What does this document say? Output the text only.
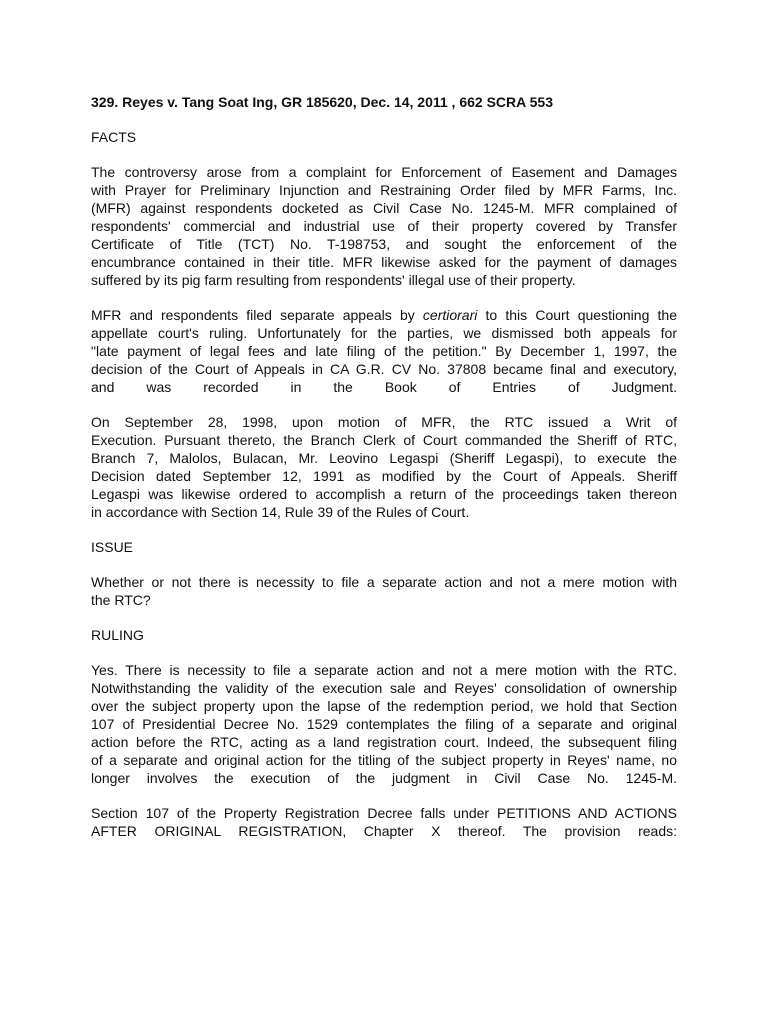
329. Reyes v. Tang Soat Ing, GR 185620, Dec. 14, 2011 , 662 SCRA 553

FACTS

The controversy arose from a complaint for Enforcement of Easement and Damages
with Prayer for Preliminary Injunction and Restraining Order filed by MFR Farms, Inc.
(MFR) against respondents docketed as Civil Case No. 1245-M. MFR complained of
respondents' commercial and industrial use of their property covered by Transfer
Certificate of Title (TCT) No. T-198753, and sought the enforcement of the
encumbrance contained in their title. MFR likewise asked for the payment of damages
suffered by its pig farm resulting from respondents' illegal use of their property.

MFR and respondents filed separate appeals by certiorari to this Court questioning the
appellate court's ruling. Unfortunately for the parties, we dismissed both appeals for
"late payment of legal fees and late filing of the petition." By December 1, 1997, the
decision of the Court of Appeals in CA G.R. CV No. 37808 became final and executory,
and was recorded in the Book of Entries of Judgment.

On September 28, 1998, upon motion of MFR, the RTC issued a Writ of
Execution. Pursuant thereto, the Branch Clerk of Court commanded the Sheriff of RTC,
Branch 7, Malolos, Bulacan, Mr. Leovino Legaspi (Sheriff Legaspi), to execute the
Decision dated September 12, 1991 as modified by the Court of Appeals. Sheriff
Legaspi was likewise ordered to accomplish a return of the proceedings taken thereon
in accordance with Section 14, Rule 39 of the Rules of Court.

ISSUE

Whether or not there is necessity to file a separate action and not a mere motion with
the RTC?

RULING

Yes. There is necessity to file a separate action and not a mere motion with the RTC.
Notwithstanding the validity of the execution sale and Reyes' consolidation of ownership
over the subject property upon the lapse of the redemption period, we hold that Section
107 of Presidential Decree No. 1529 contemplates the filing of a separate and original
action before the RTC, acting as a land registration court. Indeed, the subsequent filing
of a separate and original action for the titling of the subject property in Reyes' name, no
longer involves the execution of the judgment in Civil Case No. 1245-M.

Section 107 of the Property Registration Decree falls under PETITIONS AND ACTIONS
AFTER ORIGINAL REGISTRATION, Chapter X thereof. The provision reads:
